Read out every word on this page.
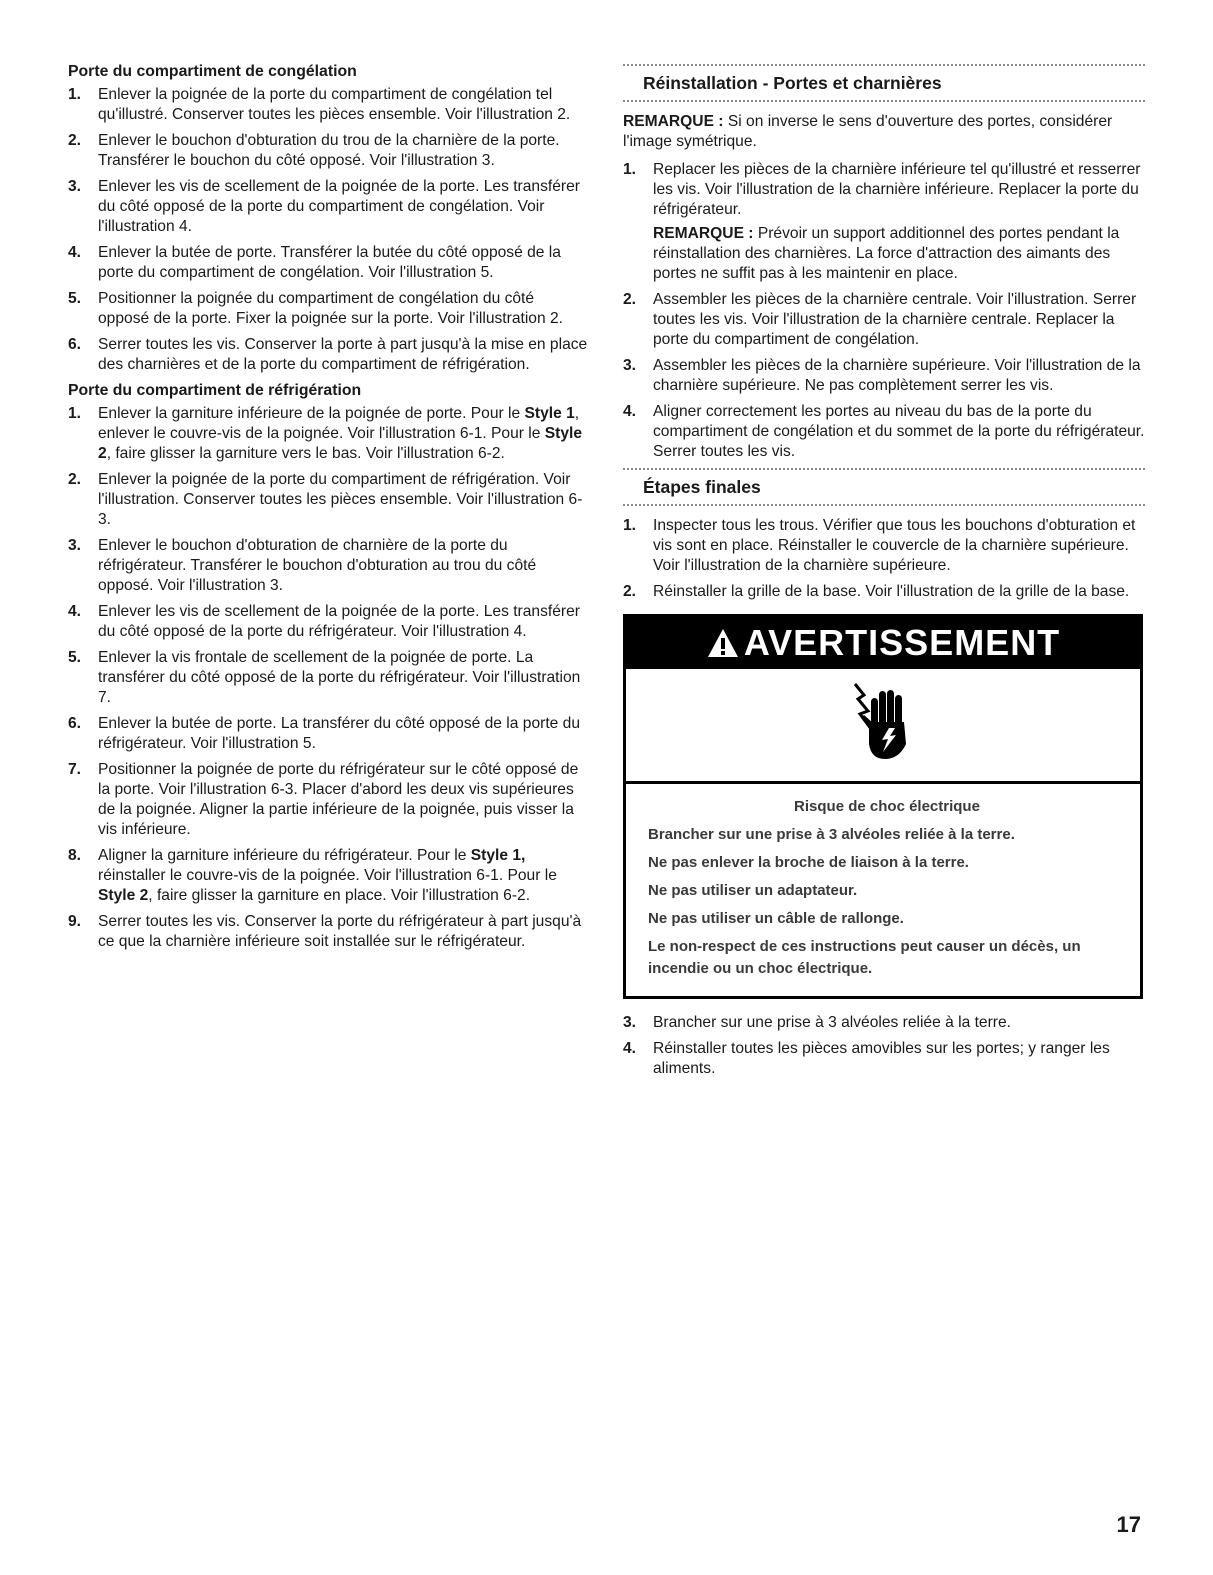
Porte du compartiment de congélation
1.	Enlever la poignée de la porte du compartiment de congélation tel qu'illustré. Conserver toutes les pièces ensemble. Voir l'illustration 2.
2.	Enlever le bouchon d'obturation du trou de la charnière de la porte. Transférer le bouchon du côté opposé. Voir l'illustration 3.
3.	Enlever les vis de scellement de la poignée de la porte. Les transférer du côté opposé de la porte du compartiment de congélation. Voir l'illustration 4.
4.	Enlever la butée de porte. Transférer la butée du côté opposé de la porte du compartiment de congélation. Voir l'illustration 5.
5.	Positionner la poignée du compartiment de congélation du côté opposé de la porte. Fixer la poignée sur la porte. Voir l'illustration 2.
6.	Serrer toutes les vis. Conserver la porte à part jusqu'à la mise en place des charnières et de la porte du compartiment de réfrigération.
Porte du compartiment de réfrigération
1.	Enlever la garniture inférieure de la poignée de porte. Pour le Style 1, enlever le couvre-vis de la poignée. Voir l'illustration 6-1. Pour le Style 2, faire glisser la garniture vers le bas. Voir l'illustration 6-2.
2.	Enlever la poignée de la porte du compartiment de réfrigération. Voir l'illustration. Conserver toutes les pièces ensemble. Voir l'illustration 6-3.
3.	Enlever le bouchon d'obturation de charnière de la porte du réfrigérateur. Transférer le bouchon d'obturation au trou du côté opposé. Voir l'illustration 3.
4.	Enlever les vis de scellement de la poignée de la porte. Les transférer du côté opposé de la porte du réfrigérateur. Voir l'illustration 4.
5.	Enlever la vis frontale de scellement de la poignée de porte. La transférer du côté opposé de la porte du réfrigérateur. Voir l'illustration 7.
6.	Enlever la butée de porte. La transférer du côté opposé de la porte du réfrigérateur. Voir l'illustration 5.
7.	Positionner la poignée de porte du réfrigérateur sur le côté opposé de la porte. Voir l'illustration 6-3. Placer d'abord les deux vis supérieures de la poignée. Aligner la partie inférieure de la poignée, puis visser la vis inférieure.
8.	Aligner la garniture inférieure du réfrigérateur. Pour le Style 1, réinstaller le couvre-vis de la poignée. Voir l'illustration 6-1. Pour le Style 2, faire glisser la garniture en place. Voir l'illustration 6-2.
9.	Serrer toutes les vis. Conserver la porte du réfrigérateur à part jusqu'à ce que la charnière inférieure soit installée sur le réfrigérateur.
Réinstallation - Portes et charnières

REMARQUE : Si on inverse le sens d'ouverture des portes, considérer l'image symétrique.

1.	Replacer les pièces de la charnière inférieure tel qu'illustré et resserrer les vis. Voir l'illustration de la charnière inférieure. Replacer la porte du réfrigérateur.
REMARQUE : Prévoir un support additionnel des portes pendant la réinstallation des charnières. La force d'attraction des aimants des portes ne suffit pas à les maintenir en place.
2.	Assembler les pièces de la charnière centrale. Voir l'illustration. Serrer toutes les vis. Voir l'illustration de la charnière centrale. Replacer la porte du compartiment de congélation.
3.	Assembler les pièces de la charnière supérieure. Voir l'illustration de la charnière supérieure. Ne pas complètement serrer les vis.
4.	Aligner correctement les portes au niveau du bas de la porte du compartiment de congélation et du sommet de la porte du réfrigérateur. Serrer toutes les vis.
Étapes finales
1.	Inspecter tous les trous. Vérifier que tous les bouchons d'obturation et vis sont en place. Réinstaller le couvercle de la charnière supérieure. Voir l'illustration de la charnière supérieure.
2.	Réinstaller la grille de la base. Voir l'illustration de la grille de la base.
AVERTISSEMENT
Risque de choc électrique
Brancher sur une prise à 3 alvéoles reliée à la terre.
Ne pas enlever la broche de liaison à la terre.
Ne pas utiliser un adaptateur.
Ne pas utiliser un câble de rallonge.
Le non-respect de ces instructions peut causer un décès, un incendie ou un choc électrique.
3.	Brancher sur une prise à 3 alvéoles reliée à la terre.
4.	Réinstaller toutes les pièces amovibles sur les portes; y ranger les aliments.
17
